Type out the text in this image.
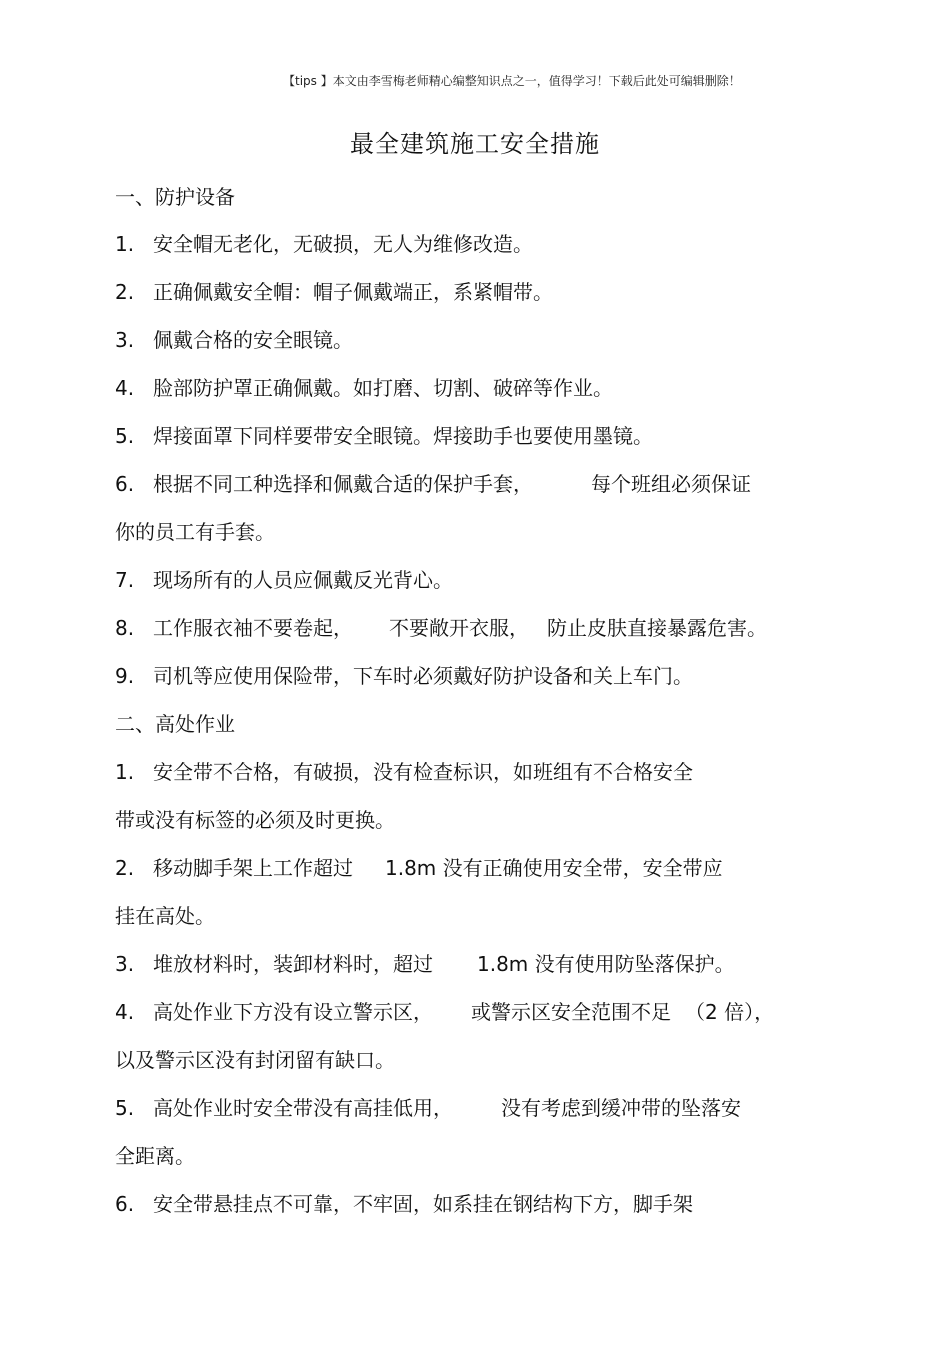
【tips 】本文由李雪梅老师精心编整知识点之一，值得学习！下载后此处可编辑删除！
最全建筑施工安全措施
一、防护设备
1. 安全帽无老化，无破损，无人为维修改造。
2. 正确佩戴安全帽：帽子佩戴端正，系紧帽带。
3. 佩戴合格的安全眼镜。
4. 脸部防护罩正确佩戴。如打磨、切割、破碎等作业。
5. 焊接面罩下同样要带安全眼镜。焊接助手也要使用墨镜。
6. 根据不同工种选择和佩戴合适的保护手套，	每个班组必须保证
你的员工有手套。
7. 现场所有的人员应佩戴反光背心。
8. 工作服衣袖不要卷起， 不要敞开衣服， 防止皮肤直接暴露危害。
9. 司机等应使用保险带，下车时必须戴好防护设备和关上车门。
二、高处作业
1. 安全带不合格，有破损，没有检查标识，如班组有不合格安全
带或没有标签的必须及时更换。
2. 移动脚手架上工作超过 1.8m 没有正确使用安全带，安全带应
挂在高处。
3. 堆放材料时，装卸材料时，超过 1.8m 没有使用防坠落保护。
4. 高处作业下方没有设立警示区， 或警示区安全范围不足 （2 倍），
以及警示区没有封闭留有缺口。
5. 高处作业时安全带没有高挂低用， 没有考虑到缓冲带的坠落安
全距离。
6. 安全带悬挂点不可靠，不牢固，如系挂在钢结构下方，脚手架
